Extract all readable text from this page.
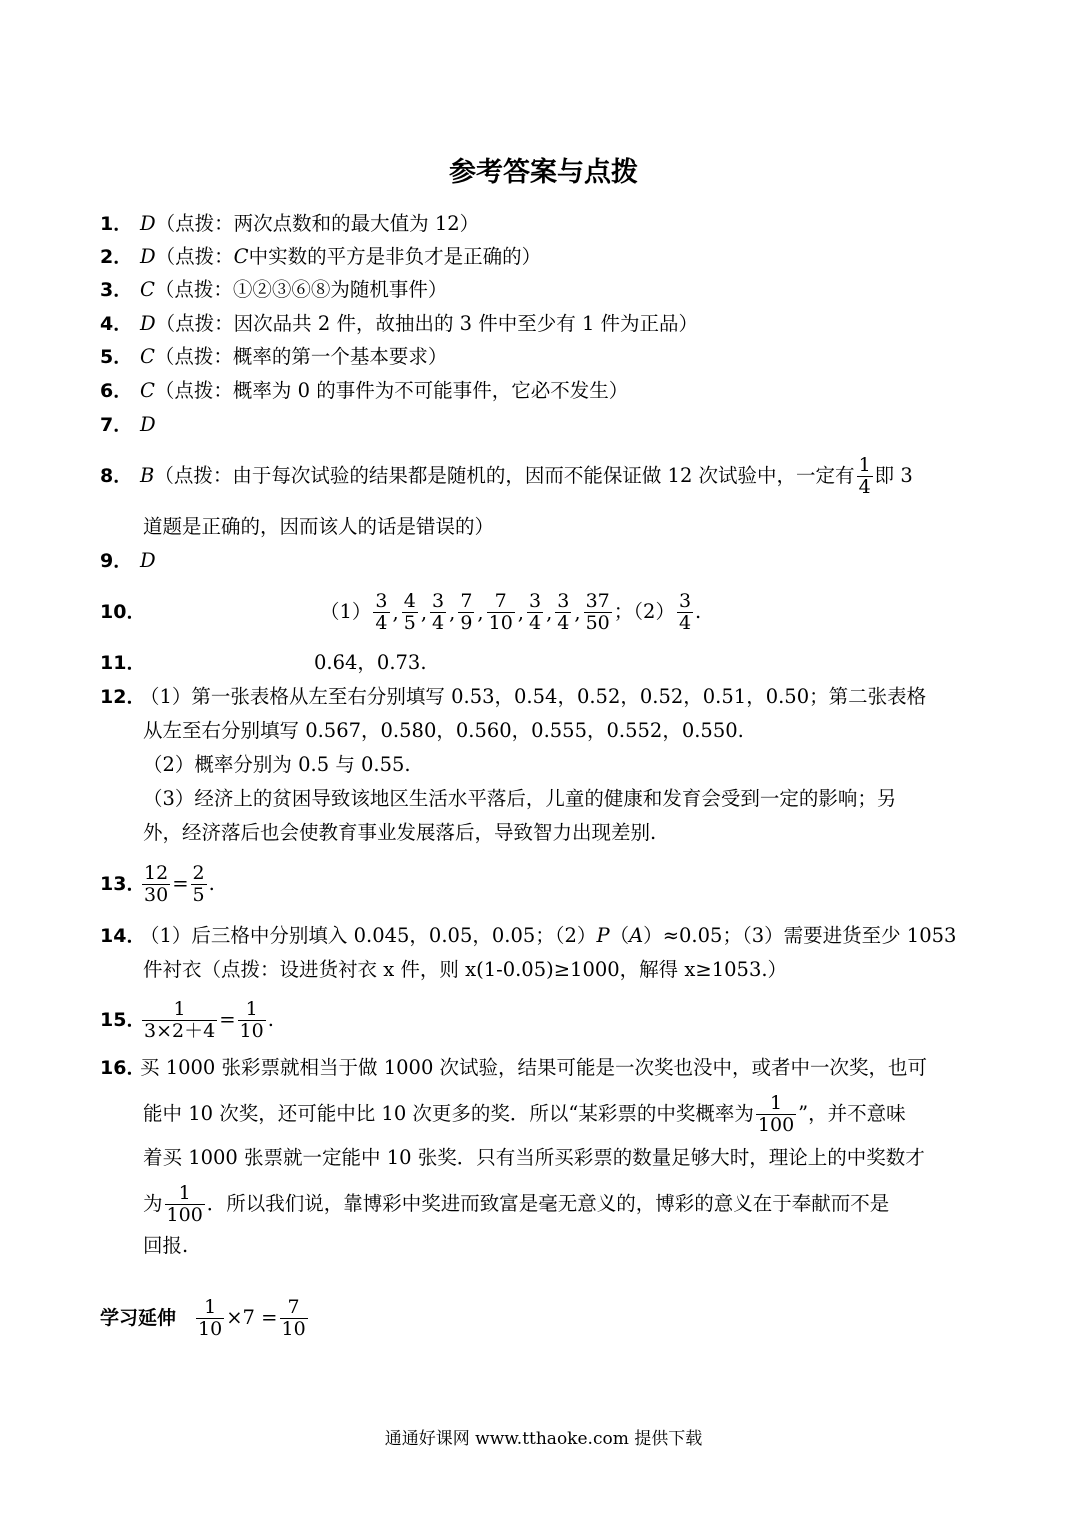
参考答案与点拨
1． D（点拨：两次点数和的最大值为 12）
2． D（点拨：C中实数的平方是非负才是正确的）
3． C（点拨：①②③⑥⑧为随机事件）
4． D（点拨：因次品共 2 件，故抽出的 3 件中至少有 1 件为正品）
5． C（点拨：概率的第一个基本要求）
6． C（点拨：概率为 0 的事件为不可能事件，它必不发生）
7． D
8． B（点拨：由于每次试验的结果都是随机的，因而不能保证做 12 次试验中，一定有 $\frac{1}{4}$ 即 3
道题是正确的，因而该人的话是错误的）
9． D
10．	$(1) \frac{3}{4}$ , $\frac{4}{5}$ , $\frac{3}{4}$ , $\frac{7}{9}$ , $\frac{7}{10}$ , $\frac{3}{4}$ , $\frac{3}{4}$ , $\frac{37}{50}$ ；$(2) \frac{3}{4}$ .
11．	0.64，0.73.
12．（1）第一张表格从左至右分别填写 0.53，0.54，0.52，0.52，0.51，0.50；第二张表格
从左至右分别填写 0.567，0.580，0.560，0.555，0.552，0.550.
（2）概率分别为 0.5 与 0.55.
（3）经济上的贫困导致该地区生活水平落后，儿童的健康和发育会受到一定的影响；另
外，经济落后也会使教育事业发展落后，导致智力出现差别.
13．
$\frac{12}{30} = \frac{2}{5}$ .
14．（1）后三格中分别填入 0.045，0.05，0.05；（2）P（A）≈0.05；（3）需要进货至少 1053
件衬衣（点拨：设进货衬衣 x 件，则 x(1-0.05)≥1000，解得 x≥1053.）
15．
$\frac{1}{3\times 2+4} = \frac{1}{10}$ .
16．买 1000 张彩票就相当于做 1000 次试验，结果可能是一次奖也没中，或者中一次奖，也可
能中 10 次奖，还可能中比 10 次更多的奖．所以“某彩票的中奖概率为 $\frac{1}{100}$ ”，并不意味
着买 1000 张票就一定能中 10 张奖．只有当所买彩票的数量足够大时，理论上的中奖数才
为 $\frac{1}{100}$ ．所以我们说，靠博彩中奖进而致富是毫无意义的，博彩的意义在于奉献而不是
回报.
学习延伸 $\frac{1}{10} \times 7 = \frac{7}{10}$
通通好课网 www.tthaoke.com 提供下载
